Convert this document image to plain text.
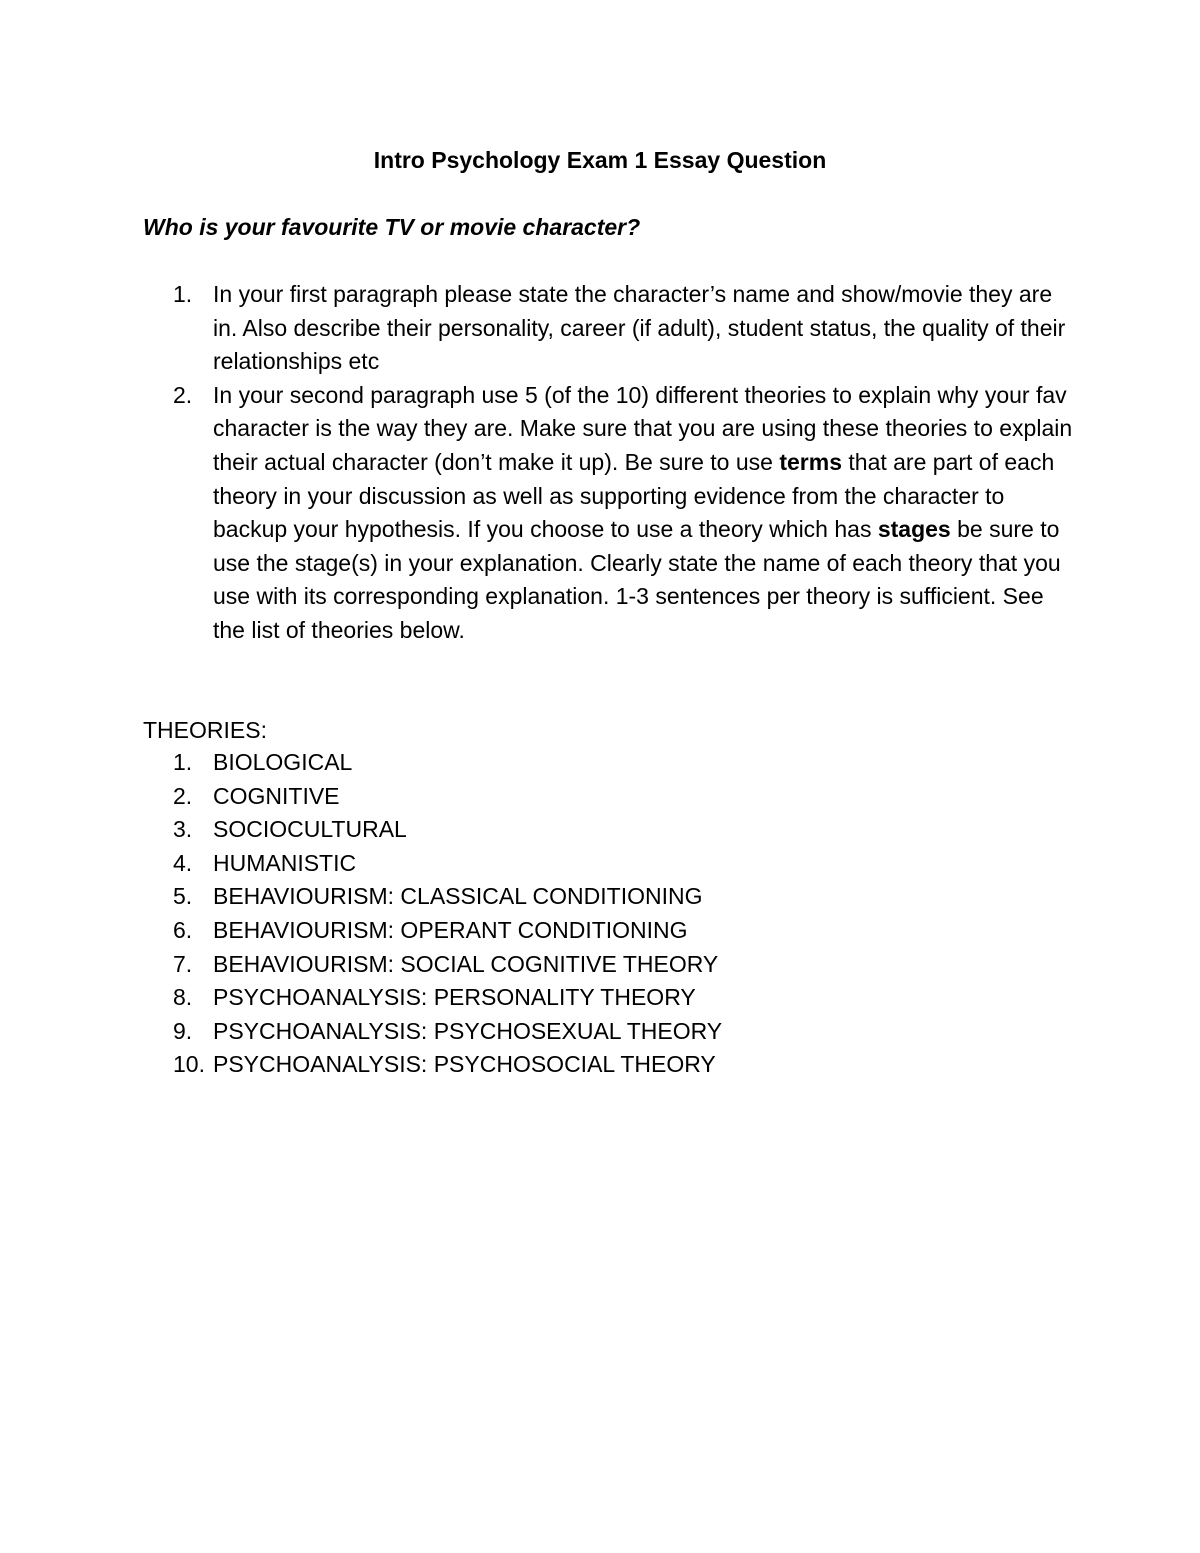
Intro Psychology Exam 1 Essay Question

Who is your favourite TV or movie character?

1. In your first paragraph please state the character’s name and show/movie they are in. Also describe their personality, career (if adult), student status, the quality of their relationships etc
2. In your second paragraph use 5 (of the 10) different theories to explain why your fav character is the way they are. Make sure that you are using these theories to explain their actual character (don’t make it up). Be sure to use terms that are part of each theory in your discussion as well as supporting evidence from the character to backup your hypothesis. If you choose to use a theory which has stages be sure to use the stage(s) in your explanation. Clearly state the name of each theory that you use with its corresponding explanation. 1-3 sentences per theory is sufficient. See the list of theories below.

THEORIES:

1. BIOLOGICAL
2. COGNITIVE
3. SOCIOCULTURAL
4. HUMANISTIC
5. BEHAVIOURISM: CLASSICAL CONDITIONING
6. BEHAVIOURISM: OPERANT CONDITIONING
7. BEHAVIOURISM: SOCIAL COGNITIVE THEORY
8. PSYCHOANALYSIS: PERSONALITY THEORY
9. PSYCHOANALYSIS: PSYCHOSEXUAL THEORY
10. PSYCHOANALYSIS: PSYCHOSOCIAL THEORY
